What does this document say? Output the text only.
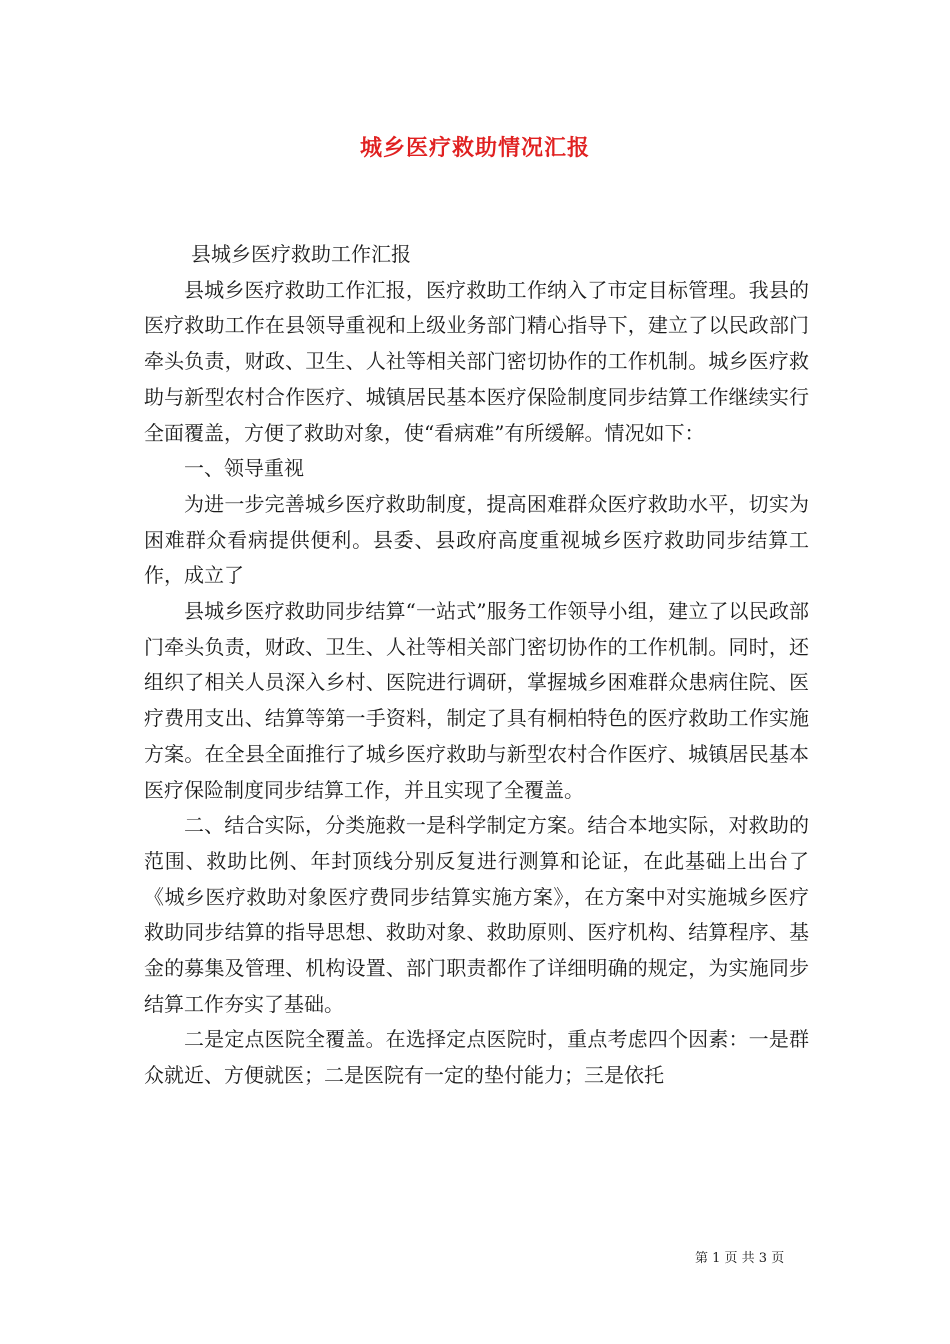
城乡医疗救助情况汇报

县城乡医疗救助工作汇报

县城乡医疗救助工作汇报，医疗救助工作纳入了市定目标管理。我县的医疗救助工作在县领导重视和上级业务部门精心指导下，建立了以民政部门牵头负责，财政、卫生、人社等相关部门密切协作的工作机制。城乡医疗救助与新型农村合作医疗、城镇居民基本医疗保险制度同步结算工作继续实行全面覆盖，方便了救助对象，使“看病难”有所缓解。情况如下：

一、领导重视

为进一步完善城乡医疗救助制度，提高困难群众医疗救助水平，切实为困难群众看病提供便利。县委、县政府高度重视城乡医疗救助同步结算工作，成立了

县城乡医疗救助同步结算“一站式”服务工作领导小组，建立了以民政部门牵头负责，财政、卫生、人社等相关部门密切协作的工作机制。同时，还组织了相关人员深入乡村、医院进行调研，掌握城乡困难群众患病住院、医疗费用支出、结算等第一手资料，制定了具有桐柏特色的医疗救助工作实施方案。在全县全面推行了城乡医疗救助与新型农村合作医疗、城镇居民基本医疗保险制度同步结算工作，并且实现了全覆盖。

二、结合实际，分类施救一是科学制定方案。结合本地实际，对救助的范围、救助比例、年封顶线分别反复进行测算和论证，在此基础上出台了《城乡医疗救助对象医疗费同步结算实施方案》，在方案中对实施城乡医疗救助同步结算的指导思想、救助对象、救助原则、医疗机构、结算程序、基金的募集及管理、机构设置、部门职责都作了详细明确的规定，为实施同步结算工作夯实了基础。

二是定点医院全覆盖。在选择定点医院时，重点考虑四个因素：一是群众就近、方便就医；二是医院有一定的垫付能力；三是依托

第 1 页 共 3 页
